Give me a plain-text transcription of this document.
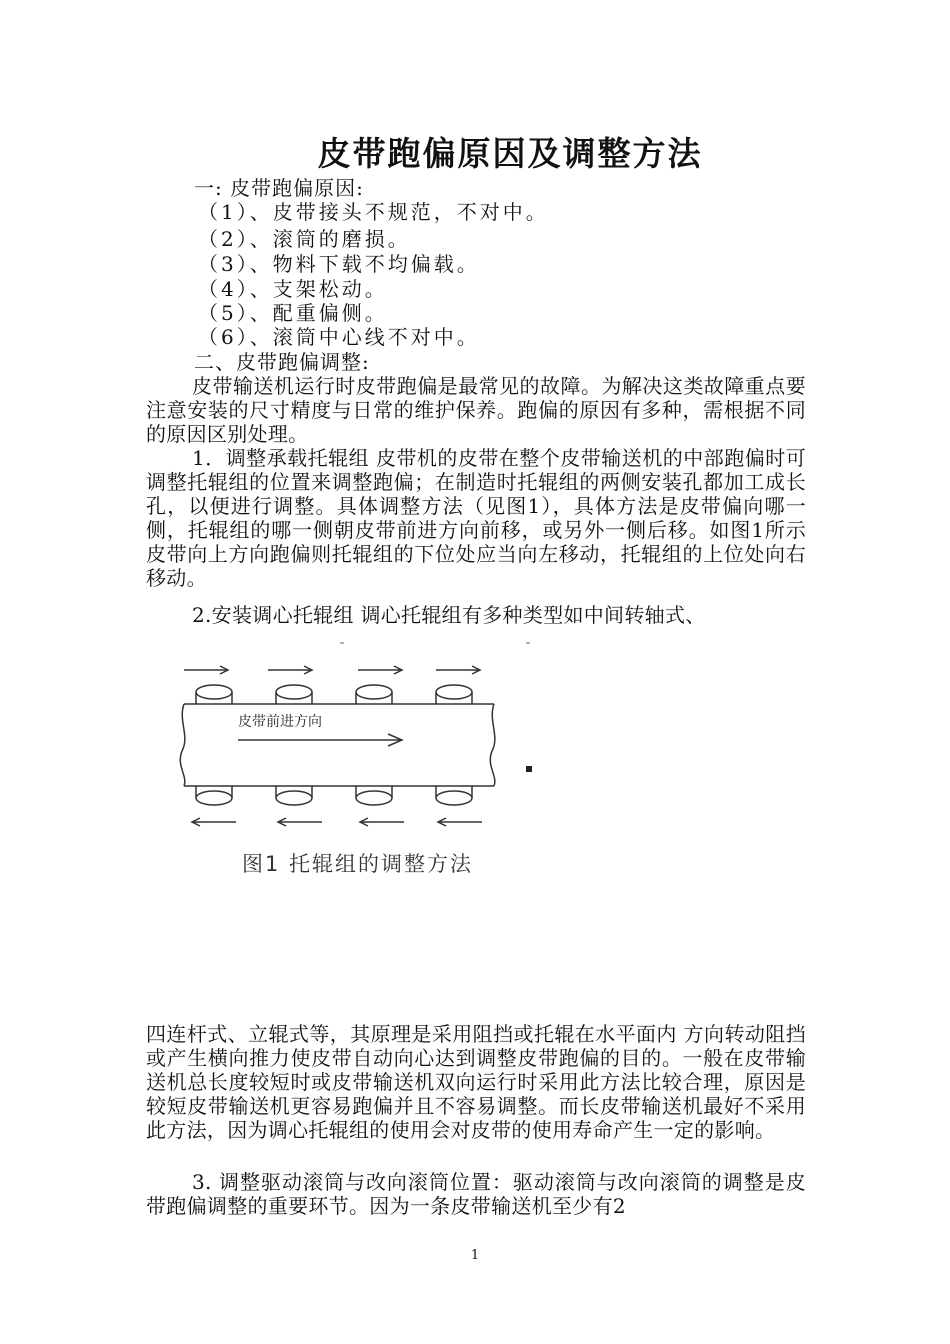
皮带跑偏原因及调整方法

一: 皮带跑偏原因:

（1）、皮带接头不规范，不对中。

（2）、滚筒的磨损。

（3）、物料下载不均偏载。

（4）、支架松动。

（5）、配重偏侧。

（6）、滚筒中心线不对中。

二、皮带跑偏调整:

皮带输送机运行时皮带跑偏是最常见的故障。为解决这类故障重点要注意安装的尺寸精度与日常的维护保养。跑偏的原因有多种，需根据不同的原因区别处理。

1．调整承载托辊组 皮带机的皮带在整个皮带输送机的中部跑偏时可调整托辊组的位置来调整跑偏；在制造时托辊组的两侧安装孔都加工成长孔，以便进行调整。具体调整方法（见图1），具体方法是皮带偏向哪一侧，托辊组的哪一侧朝皮带前进方向前移，或另外一侧后移。如图1所示皮带向上方向跑偏则托辊组的下位处应当向左移动，托辊组的上位处向右移动。

2.安装调心托辊组 调心托辊组有多种类型如中间转轴式、

皮带前进方向

图1 托辊组的调整方法

四连杆式、立辊式等，其原理是采用阻挡或托辊在水平面内 方向转动阻挡或产生横向推力使皮带自动向心达到调整皮带跑偏的目的。一般在皮带输送机总长度较短时或皮带输送机双向运行时采用此方法比较合理，原因是较短皮带输送机更容易跑偏并且不容易调整。而长皮带输送机最好不采用此方法，因为调心托辊组的使用会对皮带的使用寿命产生一定的影响。

3. 调整驱动滚筒与改向滚筒位置：驱动滚筒与改向滚筒的调整是皮带跑偏调整的重要环节。因为一条皮带输送机至少有2

1
